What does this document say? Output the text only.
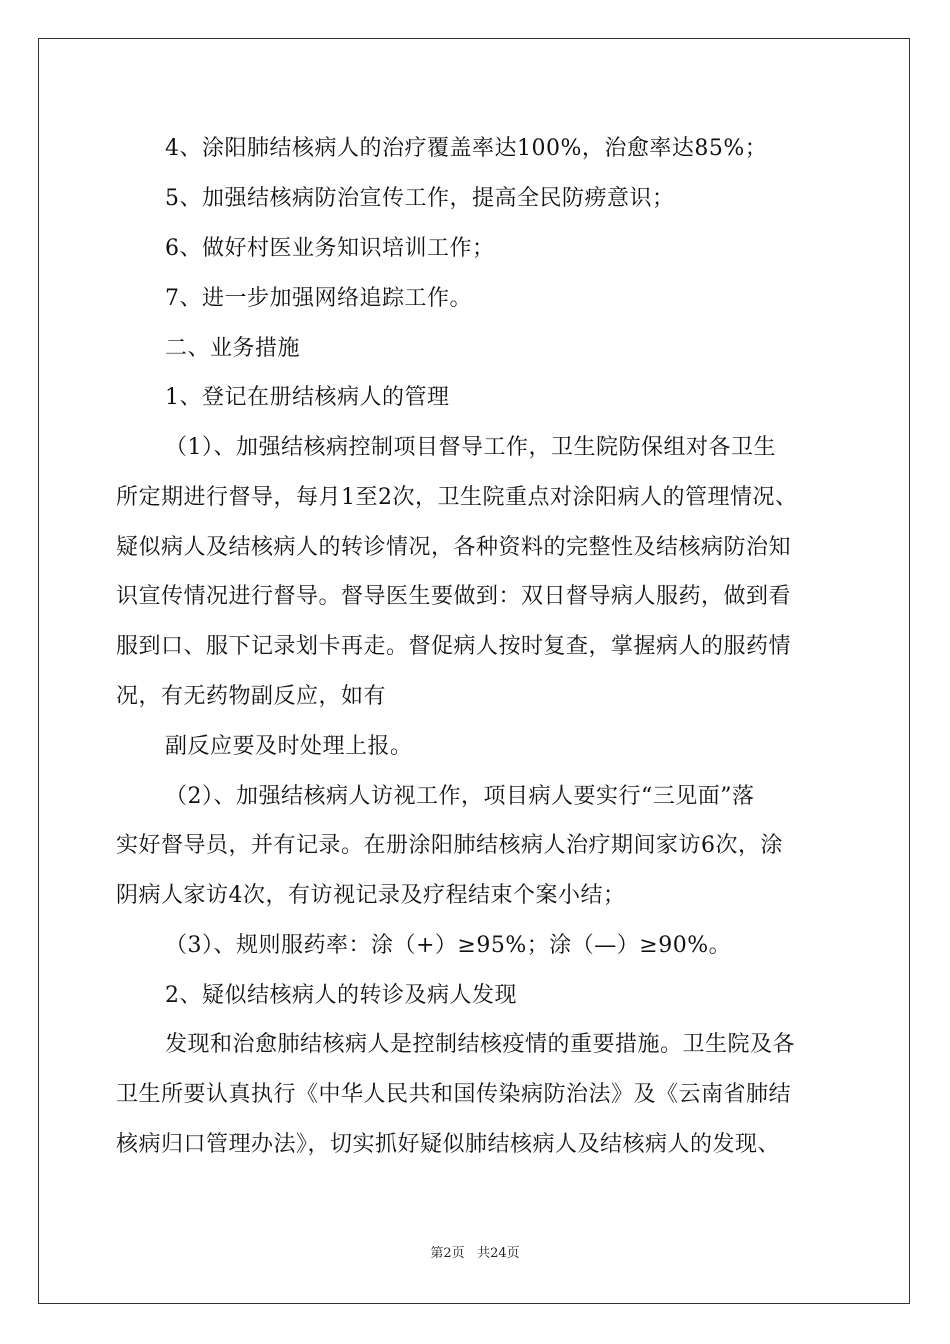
4、涂阳肺结核病人的治疗覆盖率达100%，治愈率达85%；
5、加强结核病防治宣传工作，提高全民防痨意识；
6、做好村医业务知识培训工作；
7、进一步加强网络追踪工作。
二、业务措施
1、登记在册结核病人的管理
（1）、加强结核病控制项目督导工作，卫生院防保组对各卫生
所定期进行督导，每月1至2次，卫生院重点对涂阳病人的管理情况、
疑似病人及结核病人的转诊情况，各种资料的完整性及结核病防治知
识宣传情况进行督导。督导医生要做到：双日督导病人服药，做到看
服到口、服下记录划卡再走。督促病人按时复查，掌握病人的服药情
况，有无药物副反应，如有
副反应要及时处理上报。
（2）、加强结核病人访视工作，项目病人要实行“三见面”落
实好督导员，并有记录。在册涂阳肺结核病人治疗期间家访6次，涂
阴病人家访4次，有访视记录及疗程结束个案小结；
（3）、规则服药率：涂（+）≥95%；涂（—）≥90%。
2、疑似结核病人的转诊及病人发现
发现和治愈肺结核病人是控制结核疫情的重要措施。卫生院及各
卫生所要认真执行《中华人民共和国传染病防治法》及《云南省肺结
核病归口管理办法》，切实抓好疑似肺结核病人及结核病人的发现、
第2页 共24页
